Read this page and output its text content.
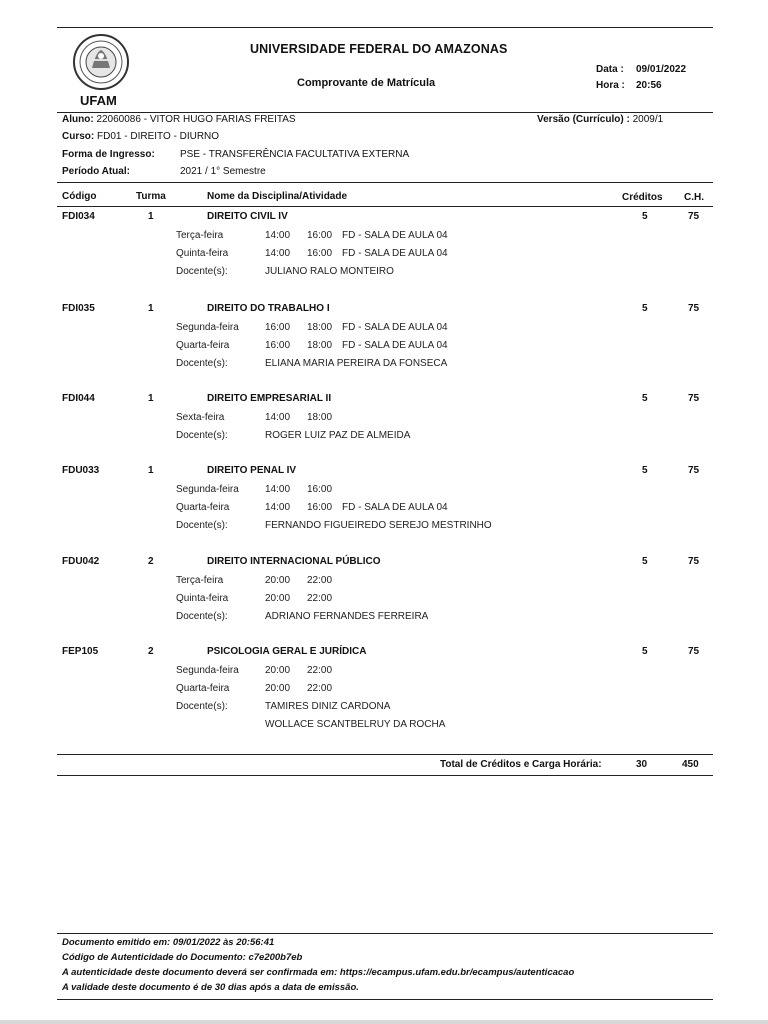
UFAM
UNIVERSIDADE FEDERAL DO AMAZONAS
Comprovante de Matrícula
Data : 09/01/2022
Hora : 20:56
Aluno: 22060086 - VITOR HUGO FARIAS FREITAS	Versão (Currículo) : 2009/1
Curso: FD01 - DIREITO - DIURNO
Forma de Ingresso:	PSE - TRANSFERÊNCIA FACULTATIVA EXTERNA
Período Atual:	2021 / 1° Semestre
Código	Turma	Nome da Disciplina/Atividade	Créditos C.H.
FDI034	1	DIREITO CIVIL IV	5	75
Terça-feira	14:00 16:00 FD - SALA DE AULA 04
Quinta-feira	14:00 16:00 FD - SALA DE AULA 04
Docente(s):	JULIANO RALO MONTEIRO
FDI035	1	DIREITO DO TRABALHO I	5	75
Segunda-feira	16:00 18:00 FD - SALA DE AULA 04
Quarta-feira	16:00 18:00 FD - SALA DE AULA 04
Docente(s):	ELIANA MARIA PEREIRA DA FONSECA
FDI044	1	DIREITO EMPRESARIAL II	5	75
Sexta-feira	14:00 18:00
Docente(s):	ROGER LUIZ PAZ DE ALMEIDA
FDU033	1	DIREITO PENAL IV	5	75
Segunda-feira	14:00 16:00
Quarta-feira	14:00 16:00 FD - SALA DE AULA 04
Docente(s):	FERNANDO FIGUEIREDO SEREJO MESTRINHO
FDU042	2	DIREITO INTERNACIONAL PÚBLICO	5	75
Terça-feira	20:00 22:00
Quinta-feira	20:00 22:00
Docente(s):	ADRIANO FERNANDES FERREIRA
FEP105	2	PSICOLOGIA GERAL E JURÍDICA	5	75
Segunda-feira	20:00 22:00
Quarta-feira	20:00 22:00
Docente(s):	TAMIRES DINIZ CARDONA
WOLLACE SCANTBELRUY DA ROCHA
Total de Créditos e Carga Horária:	30	450
Documento emitido em: 09/01/2022 às 20:56:41
Código de Autenticidade do Documento: c7e200b7eb
A autenticidade deste documento deverá ser confirmada em: https://ecampus.ufam.edu.br/ecampus/autenticacao
A validade deste documento é de 30 dias após a data de emissão.
